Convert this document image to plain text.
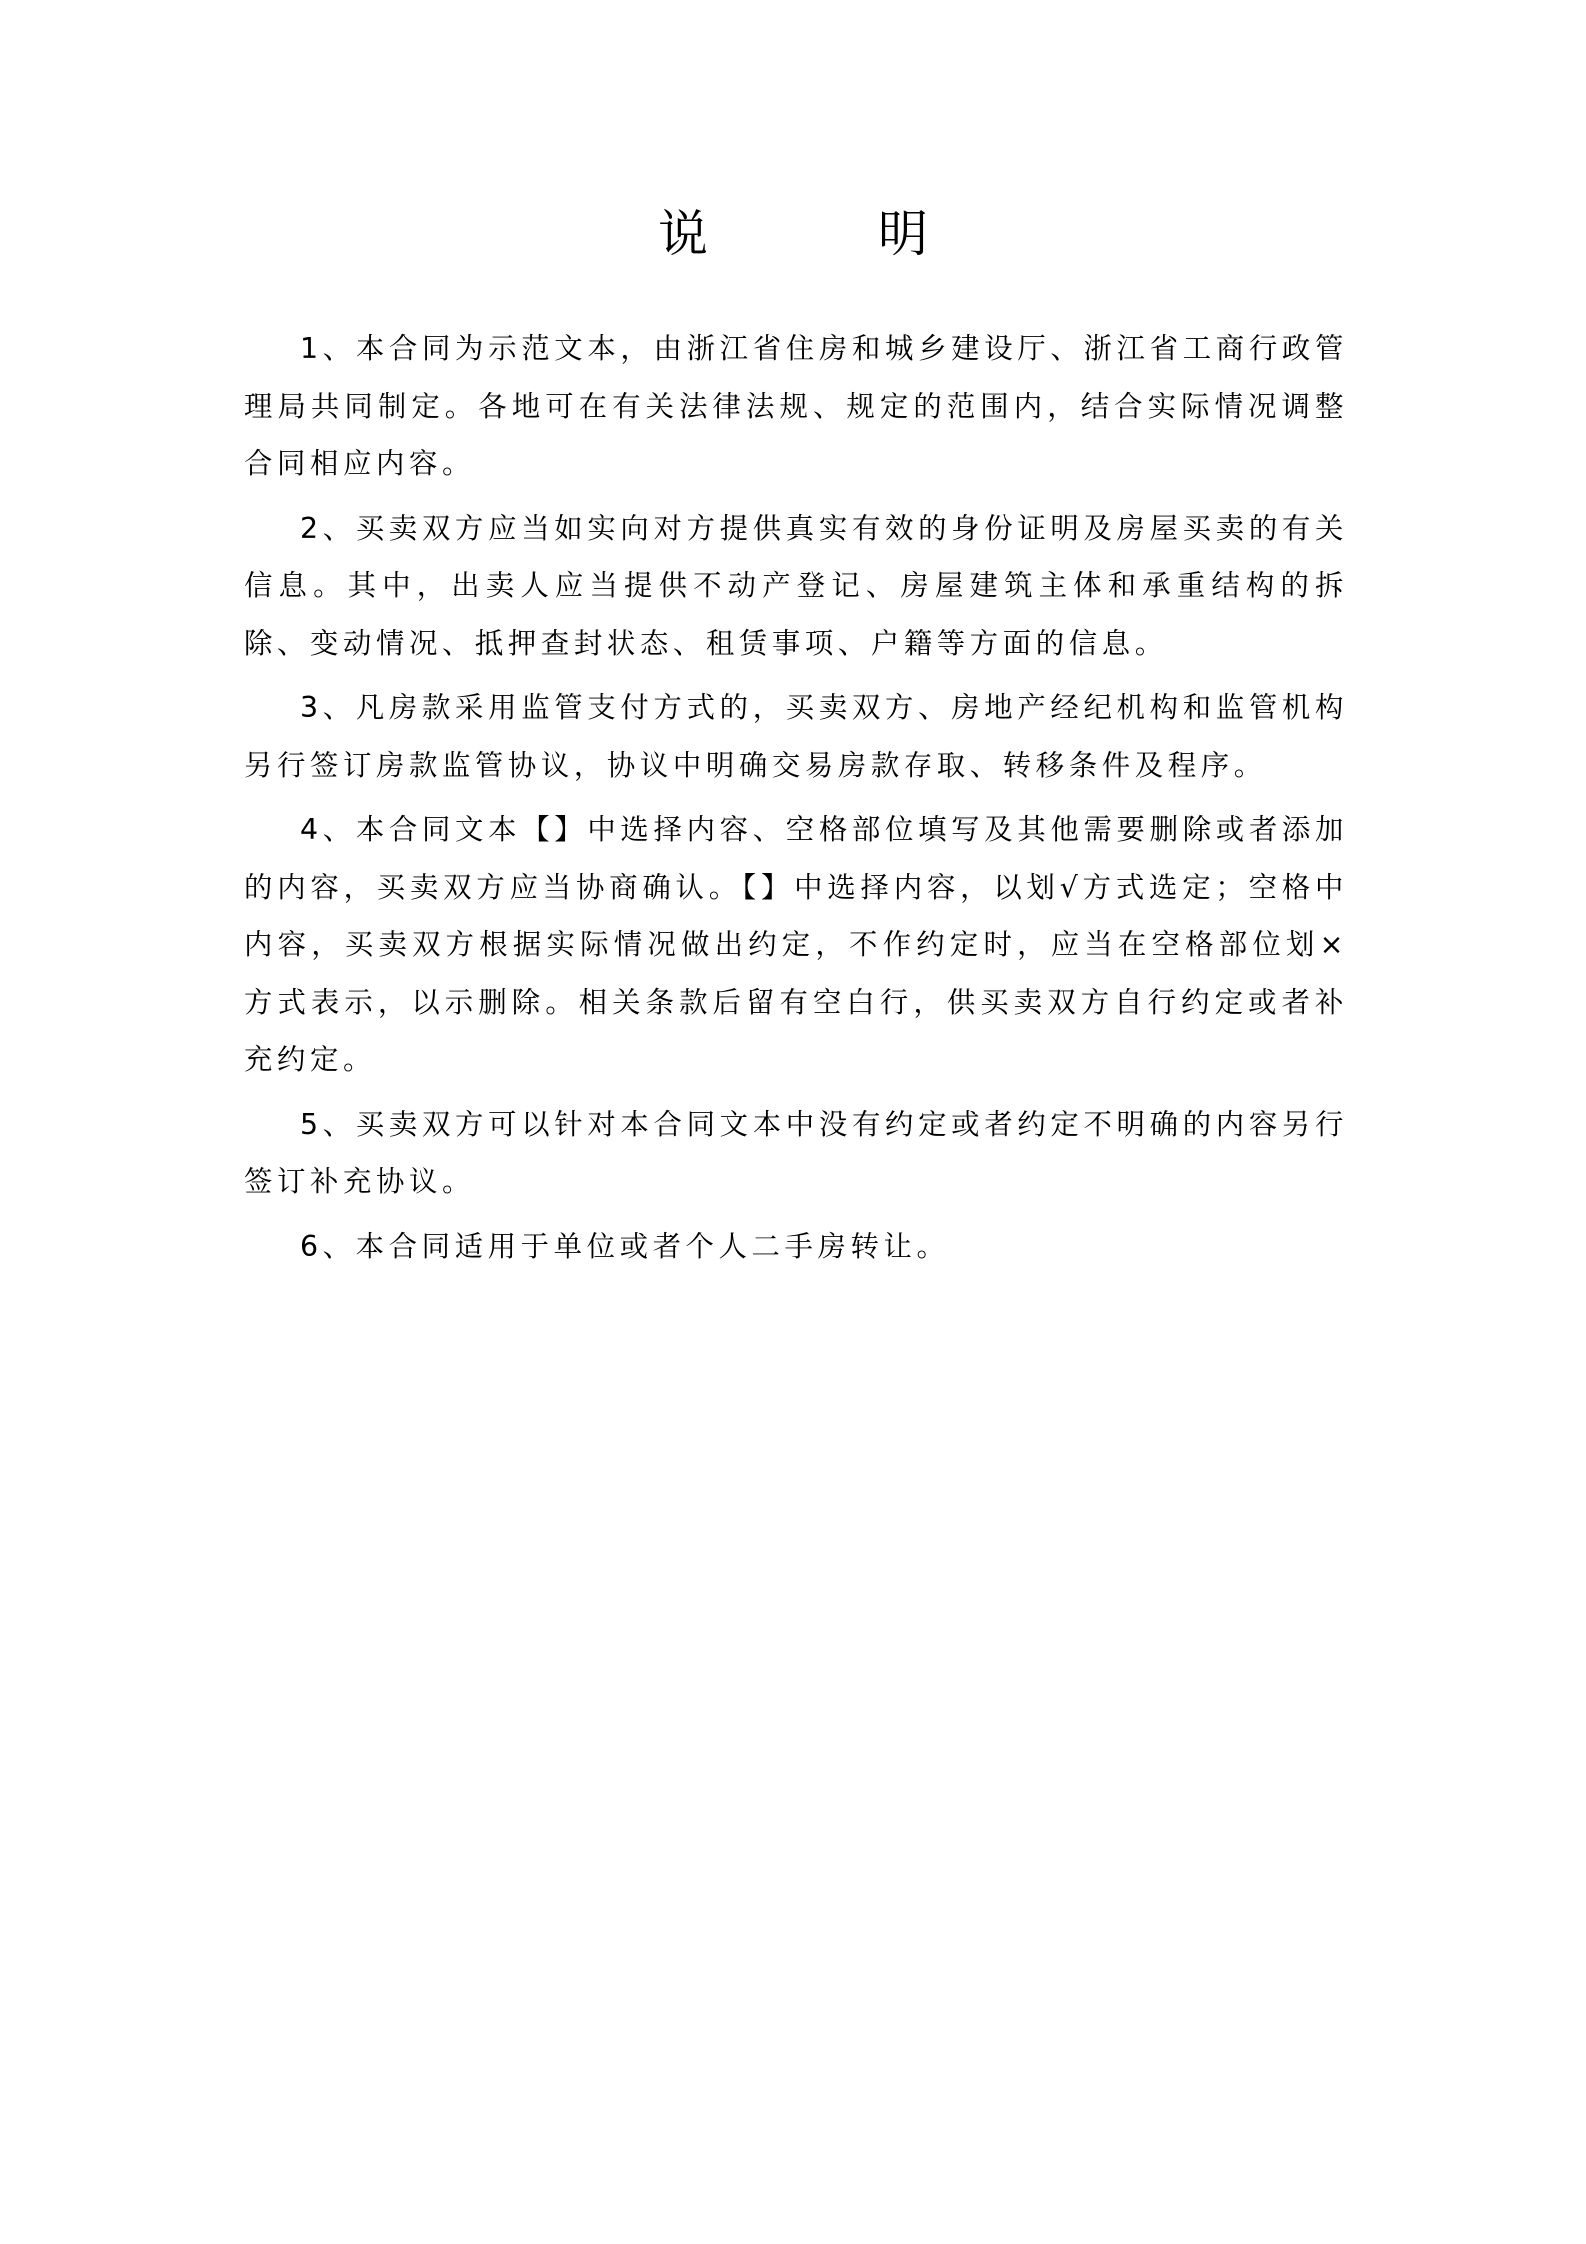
说　明

1、本合同为示范文本，由浙江省住房和城乡建设厅、浙江省工商行政管理局共同制定。各地可在有关法律法规、规定的范围内，结合实际情况调整合同相应内容。

2、买卖双方应当如实向对方提供真实有效的身份证明及房屋买卖的有关信息。其中，出卖人应当提供不动产登记、房屋建筑主体和承重结构的拆除、变动情况、抵押查封状态、租赁事项、户籍等方面的信息。

3、凡房款采用监管支付方式的，买卖双方、房地产经纪机构和监管机构另行签订房款监管协议，协议中明确交易房款存取、转移条件及程序。

4、本合同文本【】中选择内容、空格部位填写及其他需要删除或者添加的内容，买卖双方应当协商确认。【】中选择内容，以划√方式选定；空格中内容，买卖双方根据实际情况做出约定，不作约定时，应当在空格部位划×方式表示，以示删除。相关条款后留有空白行，供买卖双方自行约定或者补充约定。

5、买卖双方可以针对本合同文本中没有约定或者约定不明确的内容另行签订补充协议。

6、本合同适用于单位或者个人二手房转让。
